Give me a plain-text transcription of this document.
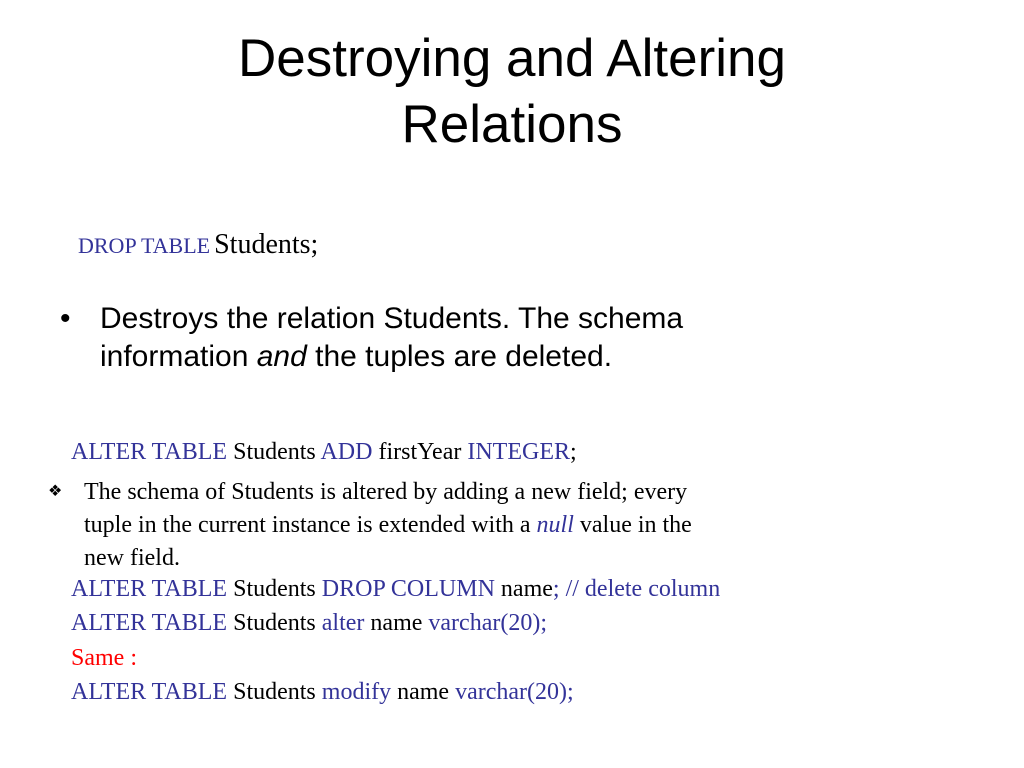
Destroying and Altering
Relations
DROP TABLE Students;
• Destroys the relation Students. The schema
information and the tuples are deleted.
ALTER TABLE Students ADD firstYear INTEGER;
❖ The schema of Students is altered by adding a new field; every

tuple in the current instance is extended with a null value in the

new field.

ALTER TABLE Students DROP COLUMN name; // delete column
ALTER TABLE Students alter name varchar(20);
Same :
ALTER TABLE Students modify name varchar(20);
